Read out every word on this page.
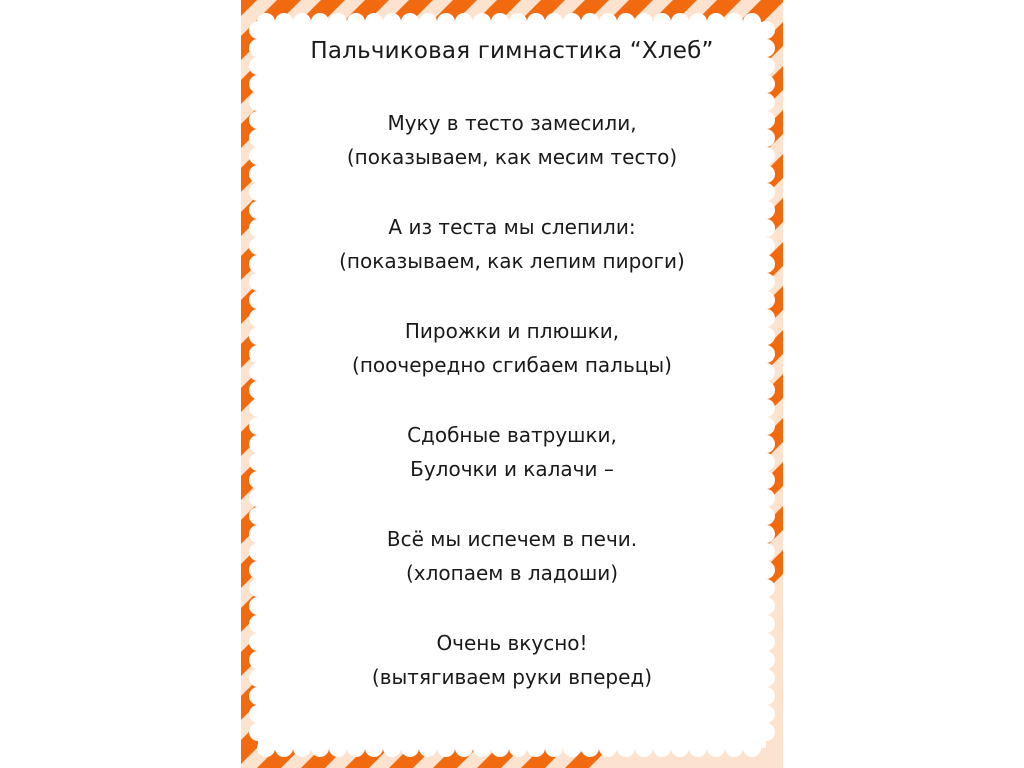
Пальчиковая гимнастика “Хлеб”
Муку в тесто замесили,
(показываем, как месим тесто)
А из теста мы слепили:
(показываем, как лепим пироги)
Пирожки и плюшки,
(поочередно сгибаем пальцы)
Сдобные ватрушки,
Булочки и калачи –
Всё мы испечем в печи.
(хлопаем в ладоши)
Очень вкусно!
(вытягиваем руки вперед)
